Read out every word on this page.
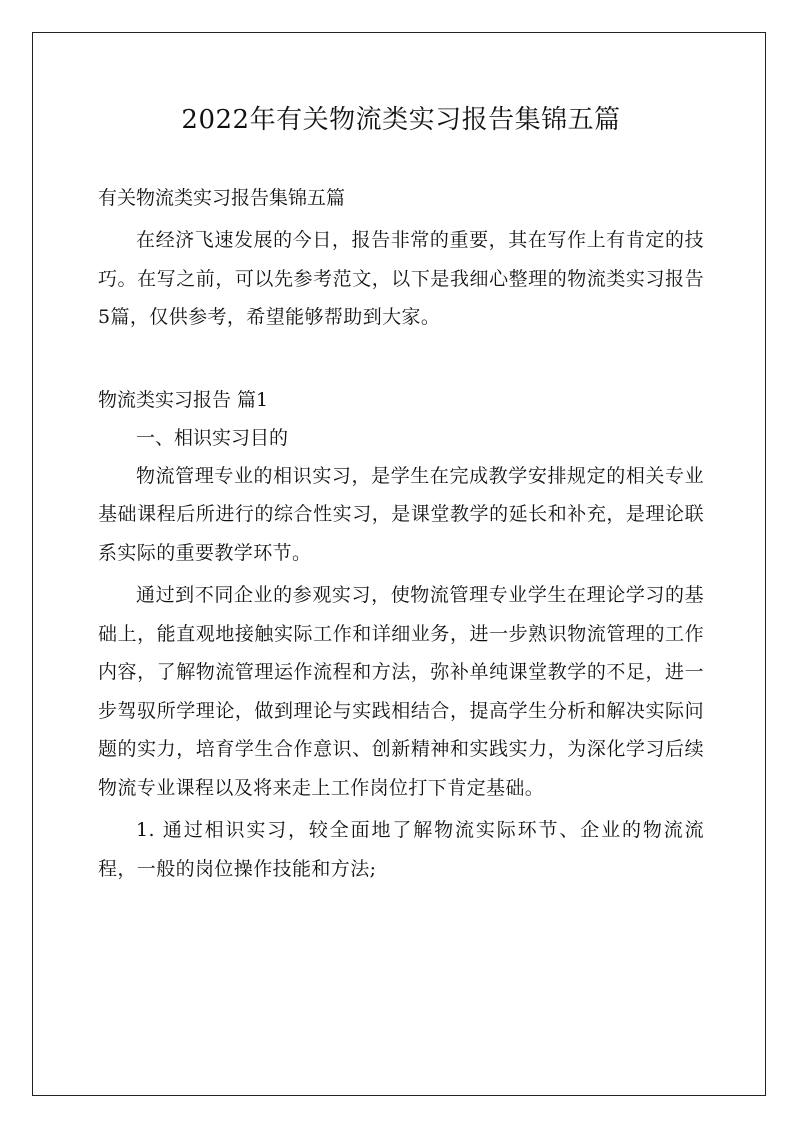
2022年有关物流类实习报告集锦五篇

有关物流类实习报告集锦五篇

在经济飞速发展的今日，报告非常的重要，其在写作上有肯定的技巧。在写之前，可以先参考范文，以下是我细心整理的物流类实习报告5篇，仅供参考，希望能够帮助到大家。

物流类实习报告 篇1

一、相识实习目的

物流管理专业的相识实习，是学生在完成教学安排规定的相关专业基础课程后所进行的综合性实习，是课堂教学的延长和补充，是理论联系实际的重要教学环节。

通过到不同企业的参观实习，使物流管理专业学生在理论学习的基础上，能直观地接触实际工作和详细业务，进一步熟识物流管理的工作内容，了解物流管理运作流程和方法，弥补单纯课堂教学的不足，进一步驾驭所学理论，做到理论与实践相结合，提高学生分析和解决实际问题的实力，培育学生合作意识、创新精神和实践实力，为深化学习后续物流专业课程以及将来走上工作岗位打下肯定基础。

1. 通过相识实习，较全面地了解物流实际环节、企业的物流流程，一般的岗位操作技能和方法;
